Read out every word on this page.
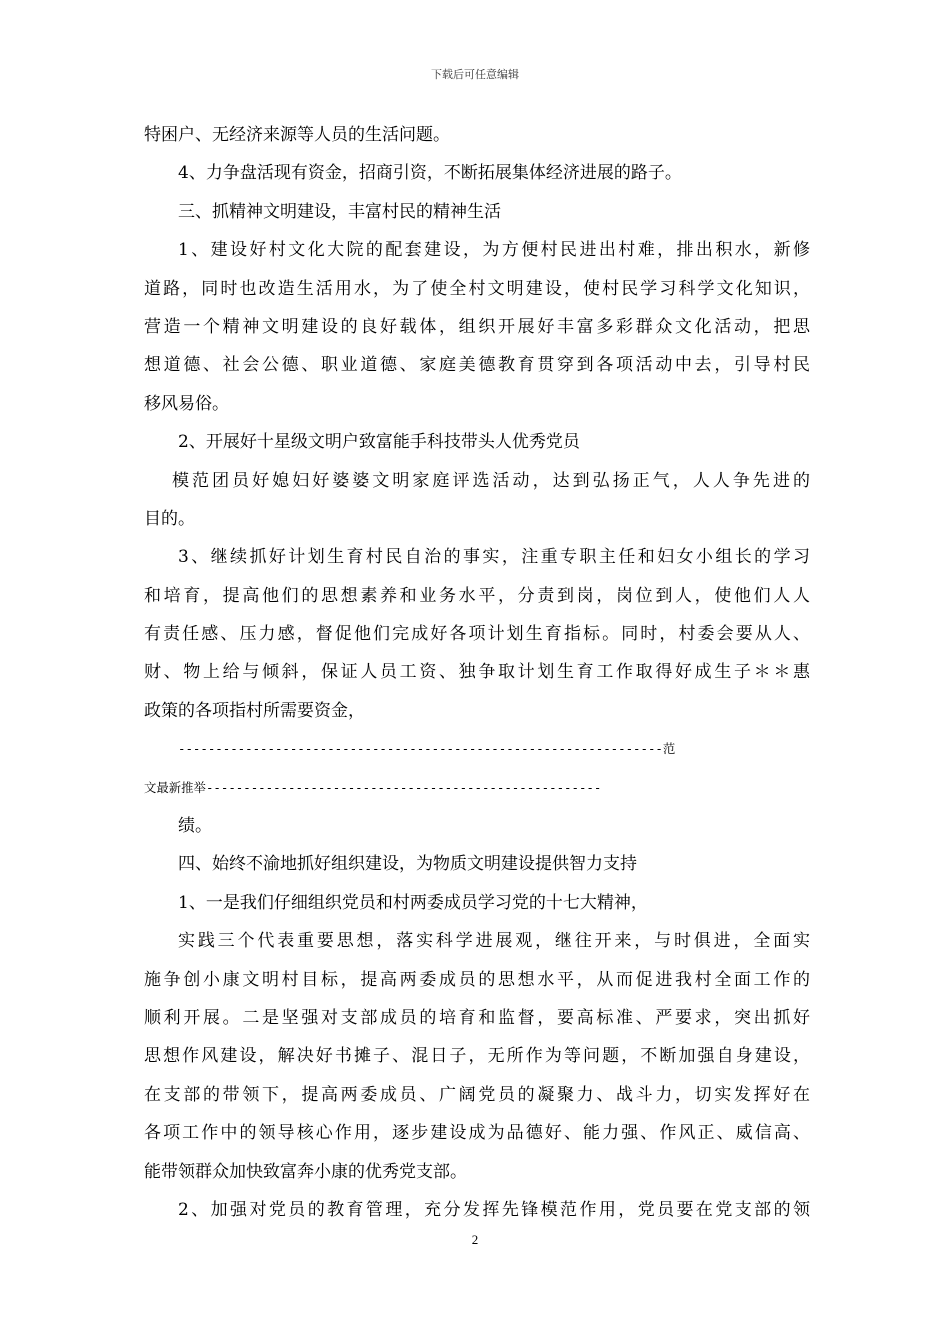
下载后可任意编辑
特困户、无经济来源等人员的生活问题。
4、力争盘活现有资金，招商引资，不断拓展集体经济进展的路子。
三、抓精神文明建设，丰富村民的精神生活
1、建设好村文化大院的配套建设，为方便村民进出村难，排出积水，新修
道路，同时也改造生活用水，为了使全村文明建设，使村民学习科学文化知识，
营造一个精神文明建设的良好载体，组织开展好丰富多彩群众文化活动，把思
想道德、社会公德、职业道德、家庭美德教育贯穿到各项活动中去，引导村民
移风易俗。
2、开展好十星级文明户致富能手科技带头人优秀党员
模范团员好媳妇好婆婆文明家庭评选活动，达到弘扬正气，人人争先进的
目的。
3、继续抓好计划生育村民自治的事实，注重专职主任和妇女小组长的学习
和培育，提高他们的思想素养和业务水平，分责到岗，岗位到人，使他们人人
有责任感、压力感，督促他们完成好各项计划生育指标。同时，村委会要从人、
财、物上给与倾斜，保证人员工资、独争取计划生育工作取得好成生子＊＊惠
政策的各项指村所需要资金，
-----------------------------------------------------------------范
文最新推举-----------------------------------------------------
绩。
四、始终不渝地抓好组织建设，为物质文明建设提供智力支持
1、一是我们仔细组织党员和村两委成员学习党的十七大精神，
实践三个代表重要思想，落实科学进展观，继往开来，与时俱进，全面实
施争创小康文明村目标，提高两委成员的思想水平，从而促进我村全面工作的
顺利开展。二是坚强对支部成员的培育和监督，要高标准、严要求，突出抓好
思想作风建设，解决好书摊子、混日子，无所作为等问题，不断加强自身建设，
在支部的带领下，提高两委成员、广阔党员的凝聚力、战斗力，切实发挥好在
各项工作中的领导核心作用，逐步建设成为品德好、能力强、作风正、威信高、
能带领群众加快致富奔小康的优秀党支部。
2、加强对党员的教育管理，充分发挥先锋模范作用，党员要在党支部的领
2
